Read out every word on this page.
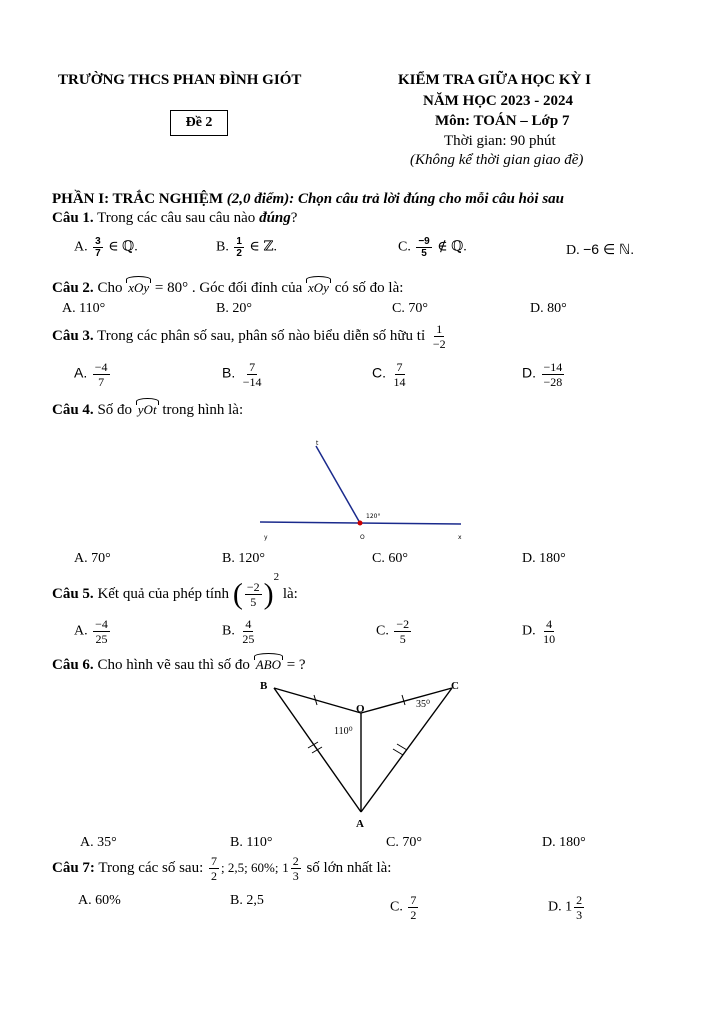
TRƯỜNG THCS PHAN ĐÌNH GIÓT	KIỂM TRA GIỮA HỌC KỲ I
NĂM HỌC 2023 - 2024
Đề 2	Môn: TOÁN – Lớp 7
Thời gian: 90 phút
(Không kể thời gian giao đề)
PHẦN I: TRẮC NGHIỆM (2,0 điểm): Chọn câu trả lời đúng cho mỗi câu hỏi sau
Câu 1. Trong các câu sau câu nào đúng?
A. $\frac{3}{7}$ ∈ ℚ.	B. $\frac{1}{2}$ ∈ ℤ.	C. $\frac{-9}{5}$ ∉ ℚ.	D. −6 ∈ ℕ.
Câu 2. Cho xOy = 80° . Góc đối đỉnh của xOy có số đo là:
A. 110°	B. 20°	C. 70°	D. 80°
Câu 3. Trong các phân số sau, phân số nào biểu diễn số hữu tỉ $\frac{1}{-2}$
A. $\frac{-4}{7}$	B. $\frac{7}{-14}$	C. $\frac{7}{14}$	D. $\frac{-14}{-28}$
Câu 4. Số đo yOt trong hình là:
t
y	O	x
120°
A. 70°	B. 120°	C. 60°	D. 180°
Câu 5. Kết quả của phép tính ( $\frac{-2}{5} )^2$ là:
A. $\frac{-4}{25}$	B. $\frac{4}{25}$	C. $\frac{-2}{5}$	D. $\frac{4}{10}$
Câu 6. Cho hình vẽ sau thì số đo ABO = ?
B	C
O
A
110⁰
35⁰
A. 35°	B. 110°	C. 70°	D. 180°
Câu 7: Trong các số sau: $\frac{7}{2}$ ; 2,5; 60%; $1 \frac{2}{3}$ số lớn nhất là:
A. 60%	B. 2,5	C. $\frac{7}{2}$	D. $1 \frac{2}{3}$
